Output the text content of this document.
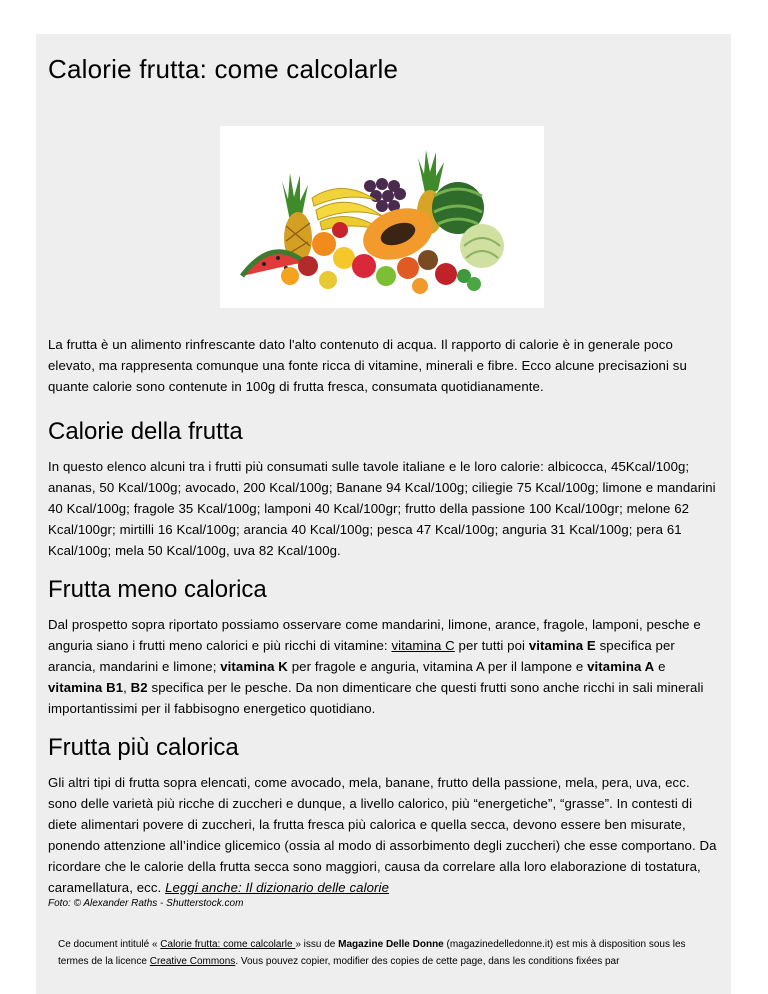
Calorie frutta: come calcolarle

La frutta è un alimento rinfrescante dato l'alto contenuto di acqua. Il rapporto di calorie è in generale poco elevato, ma rappresenta comunque una fonte ricca di vitamine, minerali e fibre. Ecco alcune precisazioni su quante calorie sono contenute in 100g di frutta fresca, consumata quotidianamente.

Calorie della frutta

In questo elenco alcuni tra i frutti più consumati sulle tavole italiane e le loro calorie: albicocca, 45Kcal/100g; ananas, 50 Kcal/100g; avocado, 200 Kcal/100g; Banane 94 Kcal/100g; ciliegie 75 Kcal/100g; limone e mandarini 40 Kcal/100g; fragole 35 Kcal/100g; lamponi 40 Kcal/100gr; frutto della passione 100 Kcal/100gr; melone 62 Kcal/100gr; mirtilli 16 Kcal/100g; arancia 40 Kcal/100g; pesca 47 Kcal/100g; anguria 31 Kcal/100g; pera 61 Kcal/100g; mela 50 Kcal/100g, uva 82 Kcal/100g.

Frutta meno calorica

Dal prospetto sopra riportato possiamo osservare come mandarini, limone, arance, fragole, lamponi, pesche e anguria siano i frutti meno calorici e più ricchi di vitamine: vitamina C per tutti poi vitamina E specifica per arancia, mandarini e limone; vitamina K per fragole e anguria, vitamina A per il lampone e vitamina A e vitamina B1, B2 specifica per le pesche. Da non dimenticare che questi frutti sono anche ricchi in sali minerali importantissimi per il fabbisogno energetico quotidiano.

Frutta più calorica

Gli altri tipi di frutta sopra elencati, come avocado, mela, banane, frutto della passione, mela, pera, uva, ecc. sono delle varietà più ricche di zuccheri e dunque, a livello calorico, più “energetiche”, “grasse”. In contesti di diete alimentari povere di zuccheri, la frutta fresca più calorica e quella secca, devono essere ben misurate, ponendo attenzione all’indice glicemico (ossia al modo di assorbimento degli zuccheri) che esse comportano. Da ricordare che le calorie della frutta secca sono maggiori, causa da correlare alla loro elaborazione di tostatura, caramellatura, ecc. Leggi anche: Il dizionario delle calorie

Foto: © Alexander Raths - Shutterstock.com

Ce document intitulé « Calorie frutta: come calcolarle » issu de Magazine Delle Donne (magazinedelledonne.it) est mis à disposition sous les termes de la licence Creative Commons. Vous pouvez copier, modifier des copies de cette page, dans les conditions fixées par
